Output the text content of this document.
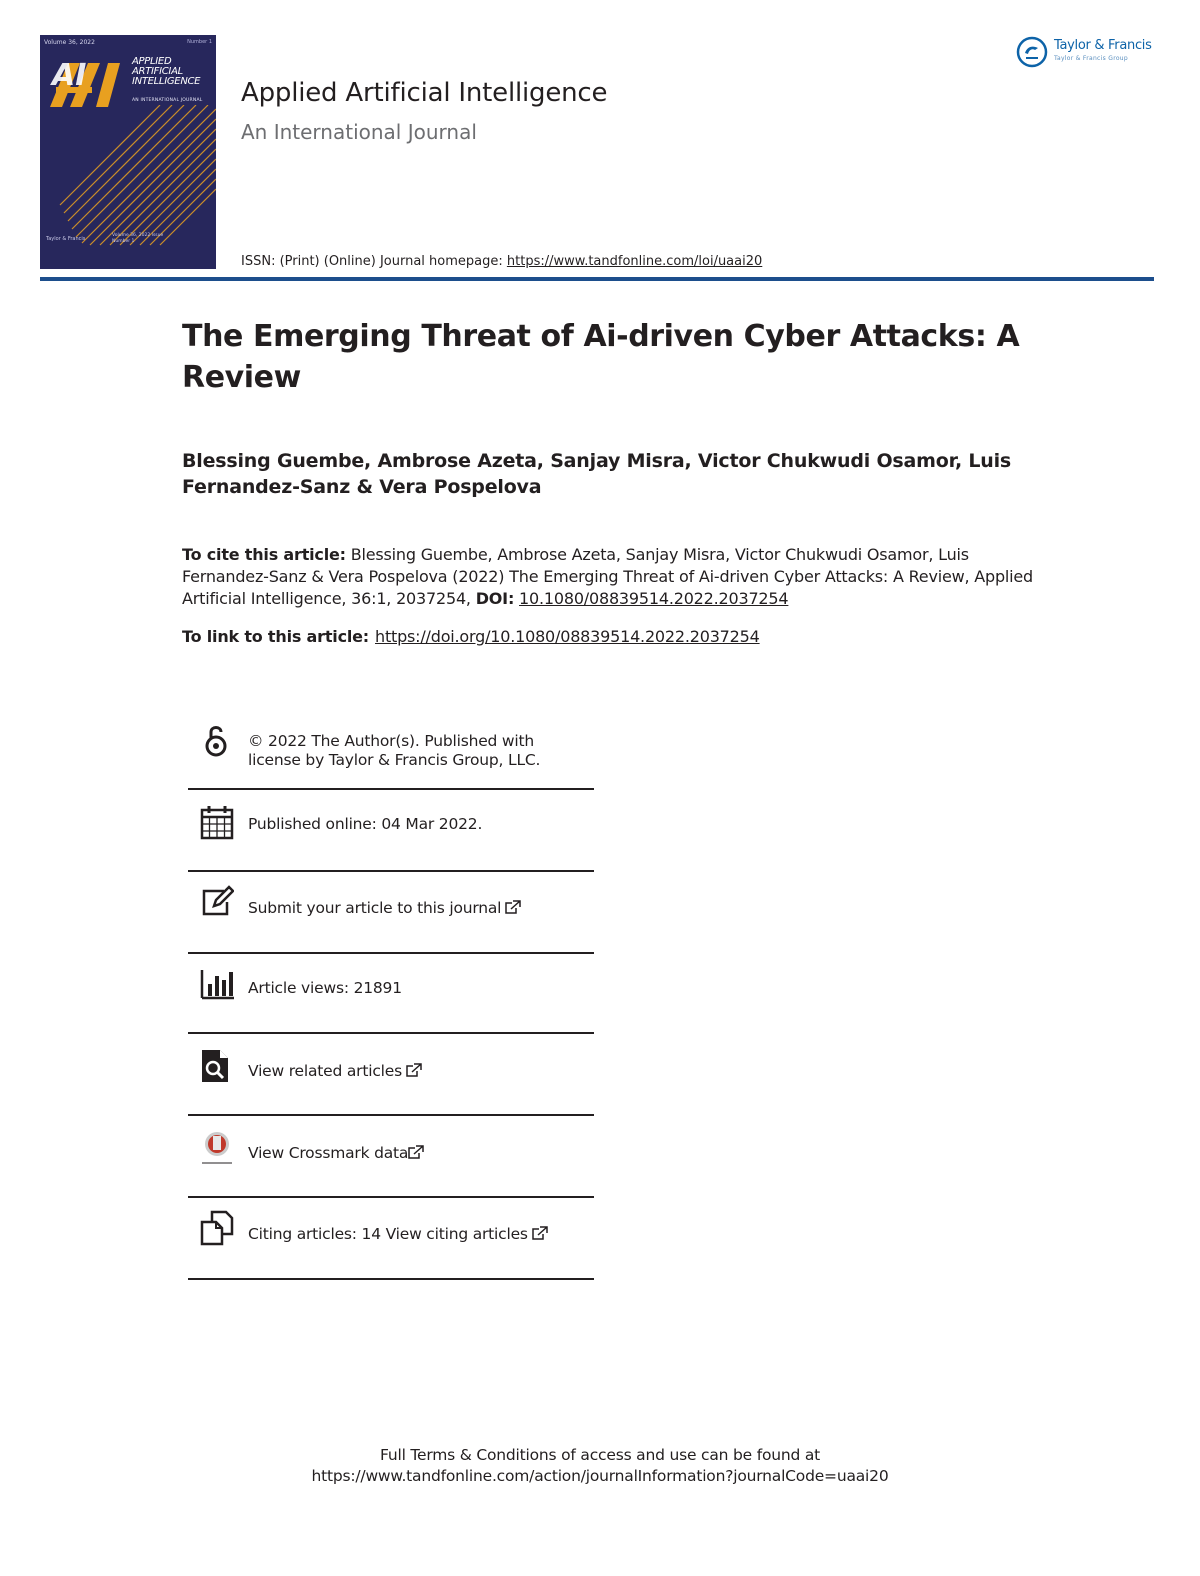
Volume 36, 2022	Number 1
AI	APPLIED
ARTIFICIAL
INTELLIGENCE
AN INTERNATIONAL JOURNAL
Taylor & Francis
Volume 36, 2022 Issue
Number 1
Taylor & Francis
Taylor & Francis Group
Applied Artificial Intelligence
An International Journal
ISSN: (Print) (Online) Journal homepage: https://www.tandfonline.com/loi/uaai20
The Emerging Threat of Ai-driven Cyber Attacks: A Review
Blessing Guembe, Ambrose Azeta, Sanjay Misra, Victor Chukwudi Osamor, Luis Fernandez-Sanz & Vera Pospelova
To cite this article: Blessing Guembe, Ambrose Azeta, Sanjay Misra, Victor Chukwudi Osamor, Luis Fernandez-Sanz & Vera Pospelova (2022) The Emerging Threat of Ai-driven Cyber Attacks: A Review, Applied Artificial Intelligence, 36:1, 2037254, DOI: 10.1080/08839514.2022.2037254
To link to this article: https://doi.org/10.1080/08839514.2022.2037254
© 2022 The Author(s). Published with license by Taylor & Francis Group, LLC.
Published online: 04 Mar 2022.
Submit your article to this journal
Article views: 21891
View related articles
View Crossmark data
Citing articles: 14 View citing articles
Full Terms & Conditions of access and use can be found at
https://www.tandfonline.com/action/journalInformation?journalCode=uaai20
